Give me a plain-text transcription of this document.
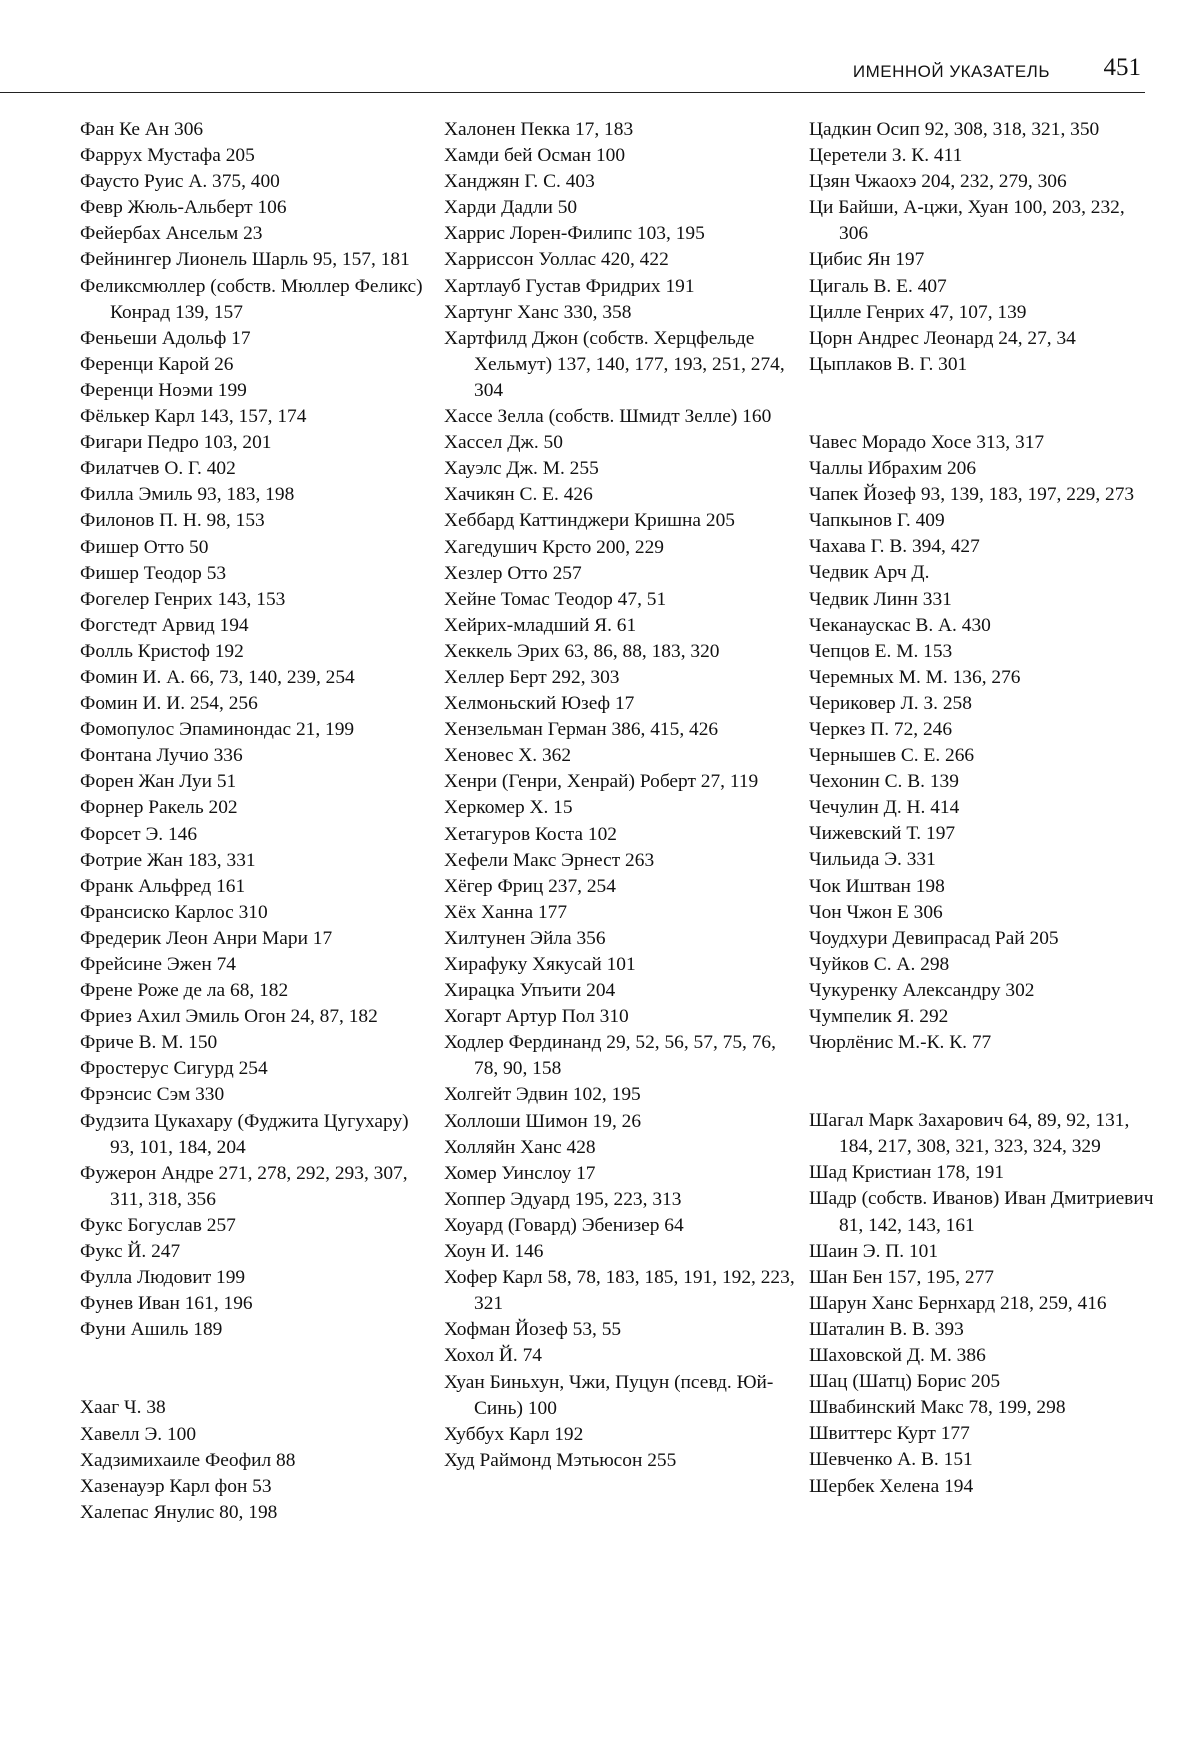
ИМЕННОЙ УКАЗАТЕЛЬ 451
Фан Ке Ан 306
Фаррух Мустафа 205
Фаусто Руис А. 375, 400
Февр Жюль-Альберт 106
Фейербах Ансельм 23
Фейнингер Лионель Шарль 95, 157, 181
Феликсмюллер (собств. Мюллер Феликс) Конрад 139, 157
Феньеши Адольф 17
Ференци Карой 26
Ференци Ноэми 199
Фёлькер Карл 143, 157, 174
Фигари Педро 103, 201
Филатчев О. Г. 402
Филла Эмиль 93, 183, 198
Филонов П. Н. 98, 153
Фишер Отто 50
Фишер Теодор 53
Фогелер Генрих 143, 153
Фогстедт Арвид 194
Фолль Кристоф 192
Фомин И. А. 66, 73, 140, 239, 254
Фомин И. И. 254, 256
Фомопулос Эпаминондас 21, 199
Фонтана Лучио 336
Форен Жан Луи 51
Форнер Ракель 202
Форсет Э. 146
Фотрие Жан 183, 331
Франк Альфред 161
Франсиско Карлос 310
Фредерик Леон Анри Мари 17
Фрейсине Эжен 74
Френе Роже де ла 68, 182
Фриез Ахил Эмиль Огон 24, 87, 182
Фриче В. М. 150
Фростерус Сигурд 254
Фрэнсис Сэм 330
Фудзита Цукахару (Фуджита Цугухару) 93, 101, 184, 204
Фужерон Андре 271, 278, 292, 293, 307, 311, 318, 356
Фукс Богуслав 257
Фукс Й. 247
Фулла Людовит 199
Фунев Иван 161, 196
Фуни Ашиль 189
Хааг Ч. 38
Хавелл Э. 100
Хадзимихаиле Феофил 88
Хазенауэр Карл фон 53
Халепас Янулис 80, 198
Халонен Пекка 17, 183
Хамди бей Осман 100
Ханджян Г. С. 403
Харди Дадли 50
Харрис Лорен-Филипс 103, 195
Харриссон Уоллас 420, 422
Хартлауб Густав Фридрих 191
Хартунг Ханс 330, 358
Хартфилд Джон (собств. Херцфельде Хельмут) 137, 140, 177, 193, 251, 274, 304
Хассе Зелла (собств. Шмидт Зелле) 160
Хассел Дж. 50
Хауэлс Дж. М. 255
Хачикян С. Е. 426
Хеббард Каттинджери Кришна 205
Хагедушич Крсто 200, 229
Хезлер Отто 257
Хейне Томас Теодор 47, 51
Хейрих-младший Я. 61
Хеккель Эрих 63, 86, 88, 183, 320
Хеллер Берт 292, 303
Хелмоньский Юзеф 17
Хензельман Герман 386, 415, 426
Хеновес Х. 362
Хенри (Генри, Хенрай) Роберт 27, 119
Херкомер Х. 15
Хетагуров Коста 102
Хефели Макс Эрнест 263
Хёгер Фриц 237, 254
Хёх Ханна 177
Хилтунен Эйла 356
Хирафуку Хякусай 101
Хирацка Упъити 204
Хогарт Артур Пол 310
Ходлер Фердинанд 29, 52, 56, 57, 75, 76, 78, 90, 158
Холгейт Эдвин 102, 195
Холлоши Шимон 19, 26
Холляйн Ханс 428
Хомер Уинслоу 17
Хоппер Эдуард 195, 223, 313
Хоуард (Говард) Эбенизер 64
Хоун И. 146
Хофер Карл 58, 78, 183, 185, 191, 192, 223, 321
Хофман Йозеф 53, 55
Хохол Й. 74
Хуан Биньхун, Чжи, Пуцун (псевд. Юй-Синь) 100
Хуббух Карл 192
Худ Раймонд Мэтьюсон 255
Цадкин Осип 92, 308, 318, 321, 350
Церетели З. К. 411
Цзян Чжаохэ 204, 232, 279, 306
Ци Байши, А-цжи, Хуан 100, 203, 232, 306
Цибис Ян 197
Цигаль В. Е. 407
Цилле Генрих 47, 107, 139
Цорн Андрес Леонард 24, 27, 34
Цыплаков В. Г. 301
Чавес Морадо Хосе 313, 317
Чаллы Ибрахим 206
Чапек Йозеф 93, 139, 183, 197, 229, 273
Чапкынов Г. 409
Чахава Г. В. 394, 427
Чедвик Арч Д.
Чедвик Линн 331
Чеканаускас В. А. 430
Чепцов Е. М. 153
Черемных М. М. 136, 276
Чериковер Л. З. 258
Черкез П. 72, 246
Чернышев С. Е. 266
Чехонин С. В. 139
Чечулин Д. Н. 414
Чижевский Т. 197
Чильида Э. 331
Чок Иштван 198
Чон Чжон Е 306
Чоудхури Девипрасад Рай 205
Чуйков С. А. 298
Чукуренку Александру 302
Чумпелик Я. 292
Чюрлёнис М.-К. К. 77
Шагал Марк Захарович 64, 89, 92, 131, 184, 217, 308, 321, 323, 324, 329
Шад Кристиан 178, 191
Шадр (собств. Иванов) Иван Дмитриевич 81, 142, 143, 161
Шаин Э. П. 101
Шан Бен 157, 195, 277
Шарун Ханс Бернхард 218, 259, 416
Шаталин В. В. 393
Шаховской Д. М. 386
Шац (Шатц) Борис 205
Швабинский Макс 78, 199, 298
Швиттерс Курт 177
Шевченко А. В. 151
Шербек Хелена 194
